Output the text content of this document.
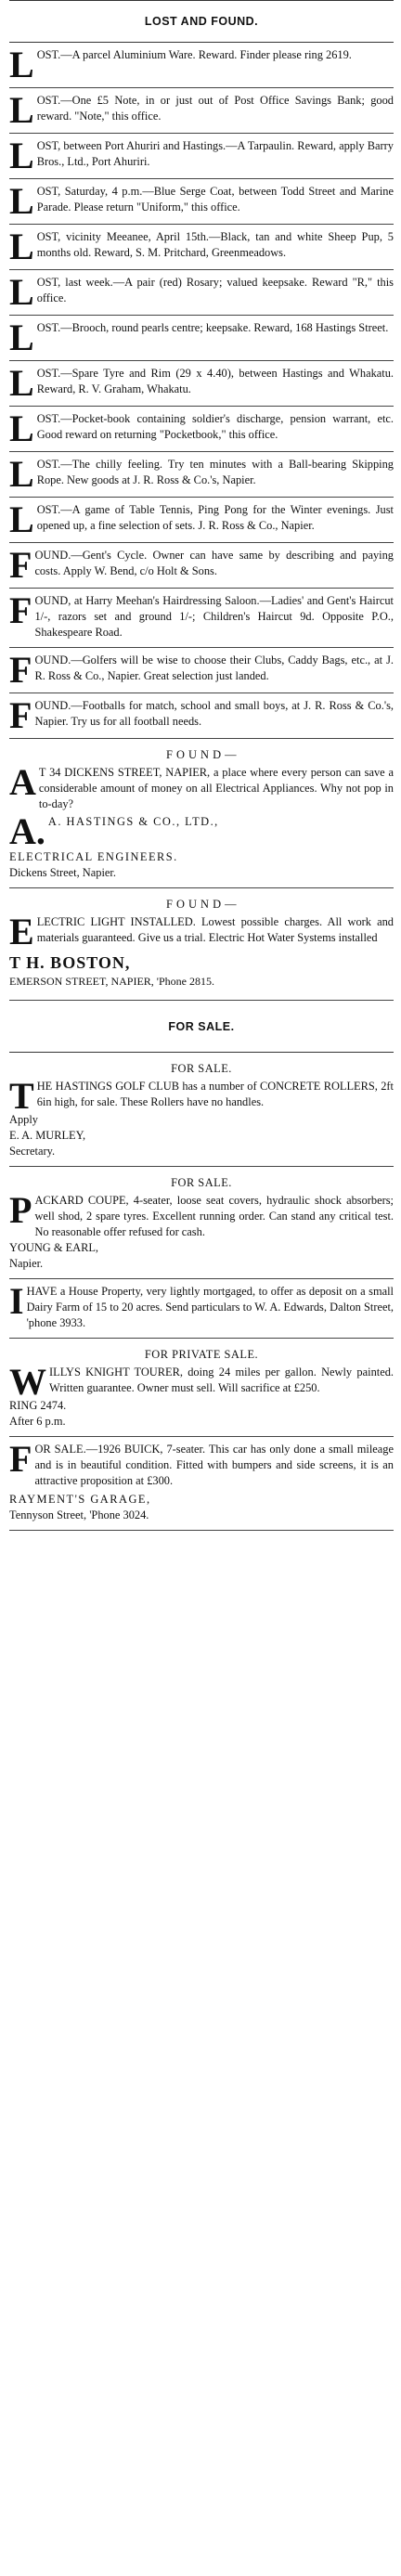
LOST AND FOUND.

LOST.—A parcel Aluminium Ware. Reward. Finder please ring 2619.

LOST.—One £5 Note, in or just out of Post Office Savings Bank; good reward. "Note," this office.

LOST, between Port Ahuriri and Hastings.—A Tarpaulin. Reward, apply Barry Bros., Ltd., Port Ahuriri.

LOST, Saturday, 4 p.m.—Blue Serge Coat, between Todd Street and Marine Parade. Please return "Uniform," this office.

LOST, vicinity Meeanee, April 15th.—Black, tan and white Sheep Pup, 5 months old. Reward, S. M. Pritchard, Greenmeadows.

LOST, last week.—A pair (red) Rosary; valued keepsake. Reward "R," this office.

LOST.—Brooch, round pearls centre; keepsake. Reward, 168 Hastings Street.

LOST.—Spare Tyre and Rim (29 x 4.40), between Hastings and Whakatu. Reward, R. V. Graham, Whakatu.

LOST.—Pocket-book containing soldier's discharge, pension warrant, etc. Good reward on returning "Pocketbook," this office.

LOST.—The chilly feeling. Try ten minutes with a Ball-bearing Skipping Rope. New goods at J. R. Ross & Co.'s, Napier.

LOST.—A game of Table Tennis, Ping Pong for the Winter evenings. Just opened up, a fine selection of sets. J. R. Ross & Co., Napier.

FOUND.—Gent's Cycle. Owner can have same by describing and paying costs. Apply W. Bend, c/o Holt & Sons.

FOUND, at Harry Meehan's Hairdressing Saloon.—Ladies' and Gent's Haircut 1/-, razors set and ground 1/-; Children's Haircut 9d. Opposite P.O., Shakespeare Road.

FOUND.—Golfers will be wise to choose their Clubs, Caddy Bags, etc., at J. R. Ross & Co., Napier. Great selection just landed.

FOUND.—Footballs for match, school and small boys, at J. R. Ross & Co.'s, Napier. Try us for all football needs.

F O U N D —

A T 34 DICKENS STREET, NAPIER, a place where every person can save a considerable amount of money on all Electrical Appliances. Why not pop in to-day?

A. A. HASTINGS & CO., LTD.,

ELECTRICAL ENGINEERS.

Dickens Street, Napier.

F O U N D —

ELECTRIC LIGHT INSTALLED. Lowest possible charges. All work and materials guaranteed. Give us a trial. Electric Hot Water Systems installed

T H. BOSTON,

EMERSON STREET, NAPIER, 'Phone 2815.

FOR SALE.
FOR SALE.

THE HASTINGS GOLF CLUB has a number of CONCRETE ROLLERS, 2ft 6in high, for sale. These Rollers have no handles.

Apply

E. A. MURLEY,

Secretary.

FOR SALE.

PACKARD COUPE, 4-seater, loose seat covers, hydraulic shock absorbers; well shod, 2 spare tyres. Excellent running order. Can stand any critical test. No reasonable offer refused for cash.

YOUNG & EARL,

Napier.

IHAVE a House Property, very lightly mortgaged, to offer as deposit on a small Dairy Farm of 15 to 20 acres. Send particulars to W. A. Edwards, Dalton Street, 'phone 3933.

FOR PRIVATE SALE.

WILLYS KNIGHT TOURER, doing 24 miles per gallon. Newly painted. Written guarantee. Owner must sell. Will sacrifice at £250.

RING 2474.

After 6 p.m.

FOR SALE.—1926 BUICK, 7-seater. This car has only done a small mileage and is in beautiful condition. Fitted with bumpers and side screens, it is an attractive proposition at £300.

RAYMENT'S GARAGE,

Tennyson Street, 'Phone 3024.
